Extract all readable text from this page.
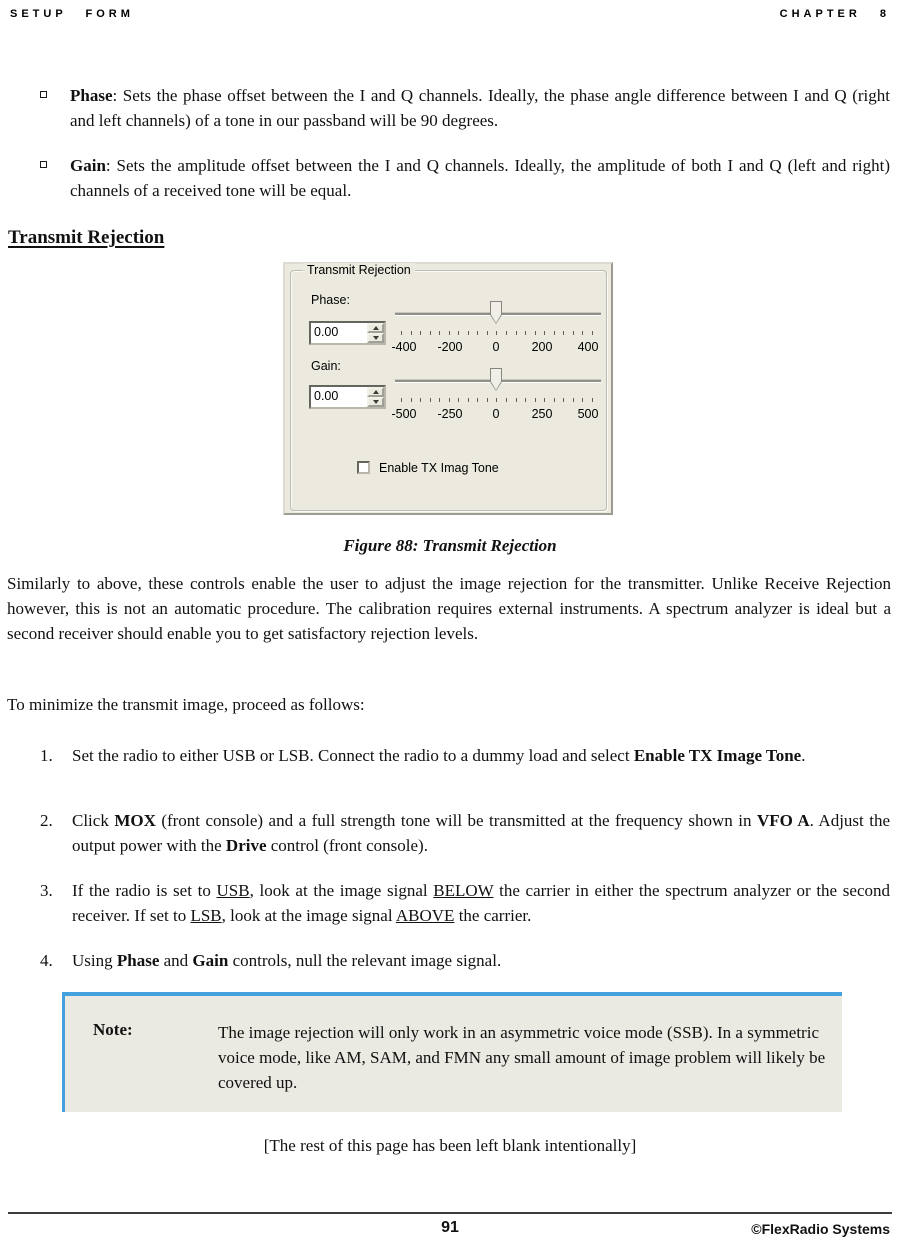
SETUP FORM	CHAPTER 8
Phase: Sets the phase offset between the I and Q channels. Ideally, the phase angle difference between I and Q (right and left channels) of a tone in our passband will be 90 degrees.
Gain: Sets the amplitude offset between the I and Q channels. Ideally, the amplitude of both I and Q (left and right) channels of a received tone will be equal.
Transmit Rejection
Transmit Rejection
Phase:
0.00
-400	-200	0	200	400
Gain:
0.00
-500	-250	0	250	500
Enable TX Imag Tone
Figure 88: Transmit Rejection
Similarly to above, these controls enable the user to adjust the image rejection for the transmitter. Unlike Receive Rejection however, this is not an automatic procedure. The calibration requires external instruments. A spectrum analyzer is ideal but a second receiver should enable you to get satisfactory rejection levels.
To minimize the transmit image, proceed as follows:
1.	Set the radio to either USB or LSB. Connect the radio to a dummy load and select Enable TX Image Tone.
2.	Click MOX (front console) and a full strength tone will be transmitted at the frequency shown in VFO A. Adjust the output power with the Drive control (front console).
3.	If the radio is set to USB, look at the image signal BELOW the carrier in either the spectrum analyzer or the second receiver. If set to LSB, look at the image signal ABOVE the carrier.
4.	Using Phase and Gain controls, null the relevant image signal.
Note:	The image rejection will only work in an asymmetric voice mode (SSB). In a symmetric voice mode, like AM, SAM, and FMN any small amount of image problem will likely be covered up.
[The rest of this page has been left blank intentionally]
91	©FlexRadio Systems
